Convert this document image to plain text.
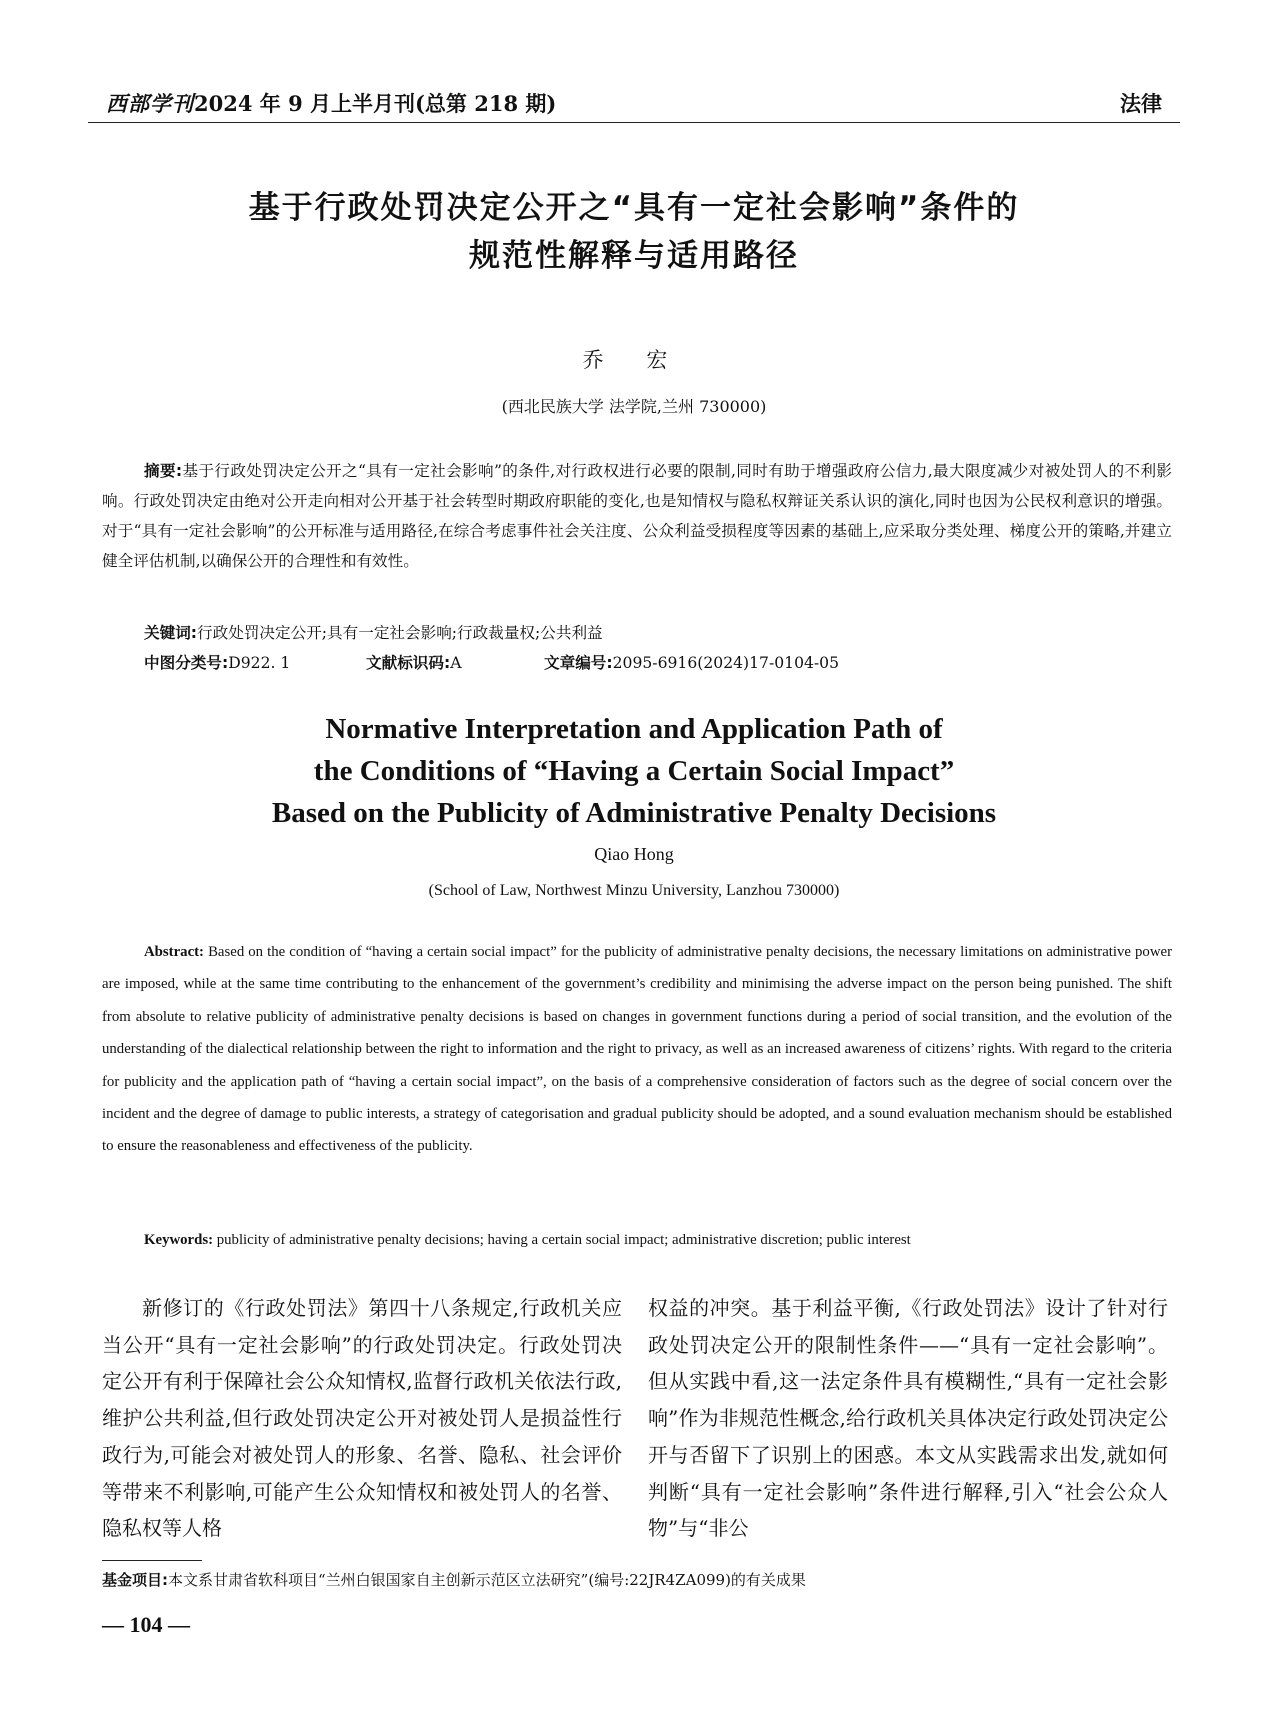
西部学刊2024 年 9 月上半月刊(总第 218 期)	法律
基于行政处罚决定公开之“具有一定社会影响”条件的
规范性解释与适用路径
乔 宏
(西北民族大学 法学院,兰州 730000)
摘要:基于行政处罚决定公开之“具有一定社会影响”的条件,对行政权进行必要的限制,同时有助于增强政府公信力,最大限度减少对被处罚人的不利影响。行政处罚决定由绝对公开走向相对公开基于社会转型时期政府职能的变化,也是知情权与隐私权辩证关系认识的演化,同时也因为公民权利意识的增强。对于“具有一定社会影响”的公开标准与适用路径,在综合考虑事件社会关注度、公众利益受损程度等因素的基础上,应采取分类处理、梯度公开的策略,并建立健全评估机制,以确保公开的合理性和有效性。
关键词:行政处罚决定公开;具有一定社会影响;行政裁量权;公共利益
中图分类号:D922. 1	文献标识码:A	文章编号:2095-6916(2024)17-0104-05
Normative Interpretation and Application Path of
the Conditions of “Having a Certain Social Impact”
Based on the Publicity of Administrative Penalty Decisions
Qiao Hong
(School of Law, Northwest Minzu University, Lanzhou 730000)
Abstract: Based on the condition of “having a certain social impact” for the publicity of administrative penalty decisions, the necessary limitations on administrative power are imposed, while at the same time contributing to the enhancement of the government’s credibility and minimising the adverse impact on the person being punished. The shift from absolute to relative publicity of administrative penalty decisions is based on changes in government functions during a period of social transition, and the evolution of the understanding of the dialectical relationship between the right to information and the right to privacy, as well as an increased awareness of citizens’ rights. With regard to the criteria for publicity and the application path of “having a certain social impact”, on the basis of a comprehensive consideration of factors such as the degree of social concern over the incident and the degree of damage to public interests, a strategy of categorisation and gradual publicity should be adopted, and a sound evaluation mechanism should be established to ensure the reasonableness and effectiveness of the publicity.
Keywords: publicity of administrative penalty decisions; having a certain social impact; administrative discretion; public interest
新修订的《行政处罚法》第四十八条规定,行政机关应当公开“具有一定社会影响”的行政处罚决定。行政处罚决定公开有利于保障社会公众知情权,监督行政机关依法行政,维护公共利益,但行政处罚决定公开对被处罚人是损益性行政行为,可能会对被处罚人的形象、名誉、隐私、社会评价等带来不利影响,可能产生公众知情权和被处罚人的名誉、隐私权等人格
权益的冲突。基于利益平衡,《行政处罚法》设计了针对行政处罚决定公开的限制性条件——“具有一定社会影响”。但从实践中看,这一法定条件具有模糊性,“具有一定社会影响”作为非规范性概念,给行政机关具体决定行政处罚决定公开与否留下了识别上的困惑。本文从实践需求出发,就如何判断“具有一定社会影响”条件进行解释,引入“社会公众人物”与“非公
基金项目:本文系甘肃省软科项目“兰州白银国家自主创新示范区立法研究”(编号:22JR4ZA099)的有关成果
— 104 —
